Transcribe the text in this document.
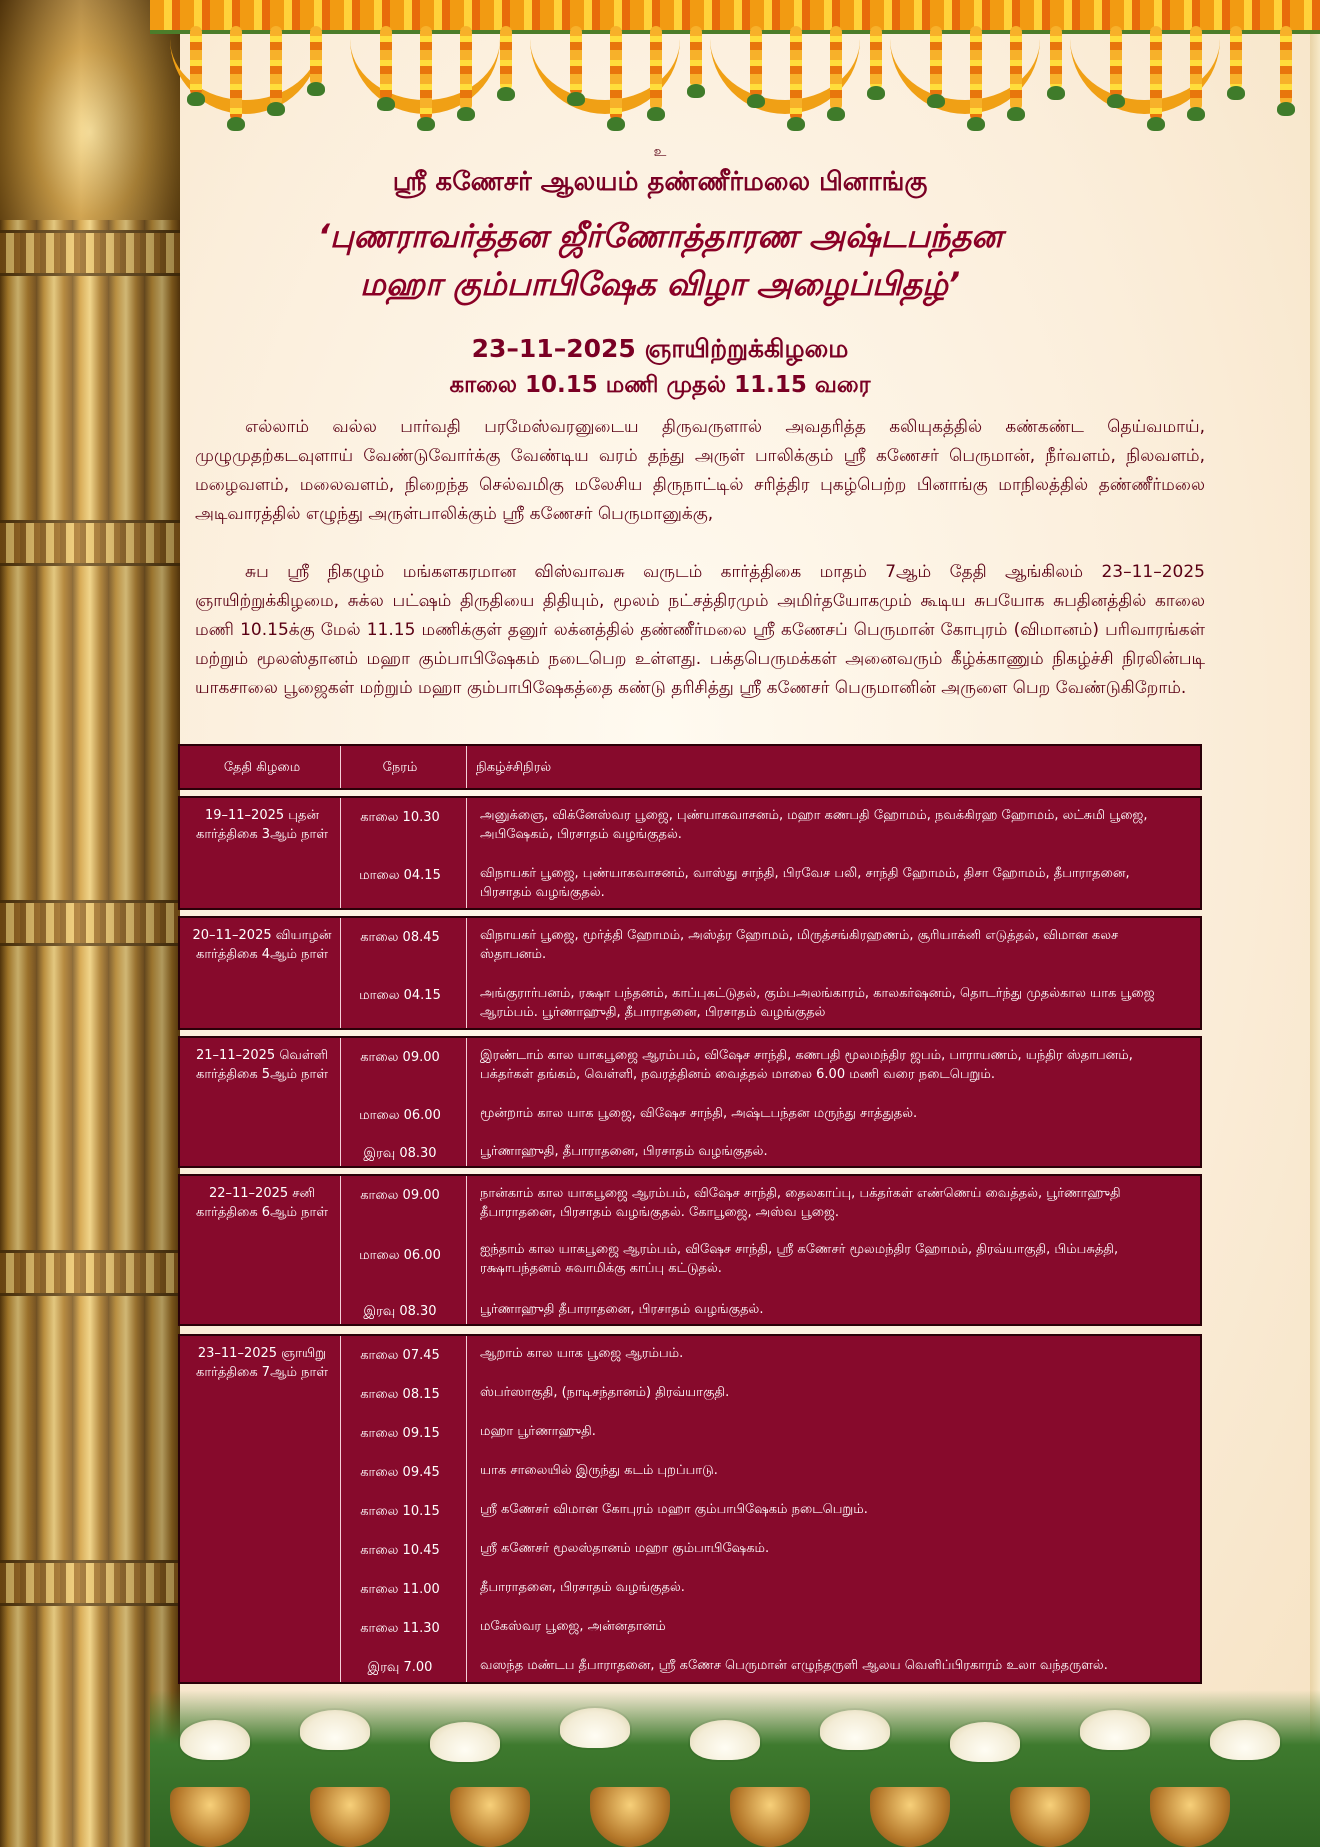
உ
ஸ்ரீ கணேசர் ஆலயம் தண்ணீர்மலை பினாங்கு
‘புணராவர்த்தன ஜீர்ணோத்தாரண அஷ்டபந்தன
மஹா கும்பாபிஷேக விழா அழைப்பிதழ்’
23–11–2025 ஞாயிற்றுக்கிழமை
காலை 10.15 மணி முதல் 11.15 வரை

எல்லாம் வல்ல பார்வதி பரமேஸ்வரனுடைய திருவருளால் அவதரித்த கலியுகத்தில் கண்கண்ட தெய்வமாய், முழுமுதற்கடவுளாய் வேண்டுவோர்க்கு வேண்டிய வரம் தந்து அருள் பாலிக்கும் ஸ்ரீ கணேசர் பெருமான், நீர்வளம், நிலவளம், மழைவளம், மலைவளம், நிறைந்த செல்வமிகு மலேசிய திருநாட்டில் சரித்திர புகழ்பெற்ற பினாங்கு மாநிலத்தில் தண்ணீர்மலை அடிவாரத்தில் எழுந்து அருள்பாலிக்கும் ஸ்ரீ கணேசர் பெருமானுக்கு,

சுப ஸ்ரீ நிகழும் மங்களகரமான விஸ்வாவசு வருடம் கார்த்திகை மாதம் 7ஆம் தேதி ஆங்கிலம் 23–11–2025 ஞாயிற்றுக்கிழமை, சுக்ல பட்ஷம் திருதியை திதியும், மூலம் நட்சத்திரமும் அமிர்தயோகமும் கூடிய சுபயோக சுபதினத்தில் காலை மணி 10.15க்கு மேல் 11.15 மணிக்குள் தனுர் லக்னத்தில் தண்ணீர்மலை ஸ்ரீ கணேசப் பெருமான் கோபுரம் (விமானம்) பரிவாரங்கள் மற்றும் மூலஸ்தானம் மஹா கும்பாபிஷேகம் நடைபெற உள்ளது. பக்தபெருமக்கள் அனைவரும் கீழ்க்காணும் நிகழ்ச்சி நிரலின்படி யாகசாலை பூஜைகள் மற்றும் மஹா கும்பாபிஷேகத்தை கண்டு தரிசித்து ஸ்ரீ கணேசர் பெருமானின் அருளை பெற வேண்டுகிறோம்.

தேதி கிழமை	நேரம்	நிகழ்ச்சிநிரல்
19–11–2025 புதன் கார்த்திகை 3ஆம் நாள்
காலை 10.30	அனுக்ஞை, விக்னேஸ்வர பூஜை, புண்யாகவாசனம், மஹா கணபதி ஹோமம், நவக்கிரஹ ஹோமம், லட்சுமி பூஜை, அபிஷேகம், பிரசாதம் வழங்குதல்.
மாலை 04.15	விநாயகர் பூஜை, புண்யாகவாசனம், வாஸ்து சாந்தி, பிரவேச பலி, சாந்தி ஹோமம், திசா ஹோமம், தீபாராதனை, பிரசாதம் வழங்குதல்.
20–11–2025 வியாழன் கார்த்திகை 4ஆம் நாள்
காலை 08.45	விநாயகர் பூஜை, மூர்த்தி ஹோமம், அஸ்த்ர ஹோமம், மிருத்சங்கிரஹணம், சூரியாக்னி எடுத்தல், விமான கலச ஸ்தாபனம்.
மாலை 04.15	அங்குரார்பனம், ரக்ஷா பந்தனம், காப்புகட்டுதல், கும்பஅலங்காரம், காலகர்ஷனம், தொடர்ந்து முதல்கால யாக பூஜை ஆரம்பம். பூர்ணாஹுதி, தீபாராதனை, பிரசாதம் வழங்குதல்
21–11–2025 வெள்ளி கார்த்திகை 5ஆம் நாள்
காலை 09.00	இரண்டாம் கால யாகபூஜை ஆரம்பம், விஷேச சாந்தி, கணபதி மூலமந்திர ஜபம், பாராயணம், யந்திர ஸ்தாபனம், பக்தர்கள் தங்கம், வெள்ளி, நவரத்தினம் வைத்தல் மாலை 6.00 மணி வரை நடைபெறும்.
மாலை 06.00	மூன்றாம் கால யாக பூஜை, விஷேச சாந்தி, அஷ்டபந்தன மருந்து சாத்துதல்.
இரவு 08.30	பூர்ணாஹுதி, தீபாராதனை, பிரசாதம் வழங்குதல்.
22–11–2025 சனி கார்த்திகை 6ஆம் நாள்
காலை 09.00	நான்காம் கால யாகபூஜை ஆரம்பம், விஷேச சாந்தி, தைலகாப்பு, பக்தர்கள் எண்ணெய் வைத்தல், பூர்ணாஹுதி தீபாராதனை, பிரசாதம் வழங்குதல். கோபூஜை, அஸ்வ பூஜை.
மாலை 06.00	ஐந்தாம் கால யாகபூஜை ஆரம்பம், விஷேச சாந்தி, ஸ்ரீ கணேசர் மூலமந்திர ஹோமம், திரவ்யாகுதி, பிம்பசுத்தி, ரக்ஷாபந்தனம் சுவாமிக்கு காப்பு கட்டுதல்.
இரவு 08.30	பூர்ணாஹுதி தீபாராதனை, பிரசாதம் வழங்குதல்.
23–11–2025 ஞாயிறு கார்த்திகை 7ஆம் நாள்
காலை 07.45	ஆறாம் கால யாக பூஜை ஆரம்பம்.
காலை 08.15	ஸ்பர்ஸாகுதி, (நாடிசந்தானம்) திரவ்யாகுதி.
காலை 09.15	மஹா பூர்ணாஹுதி.
காலை 09.45	யாக சாலையில் இருந்து கடம் புறப்பாடு.
காலை 10.15	ஸ்ரீ கணேசர் விமான கோபுரம் மஹா கும்பாபிஷேகம் நடைபெறும்.
காலை 10.45	ஸ்ரீ கணேசர் மூலஸ்தானம் மஹா கும்பாபிஷேகம்.
காலை 11.00	தீபாராதனை, பிரசாதம் வழங்குதல்.
காலை 11.30	மகேஸ்வர பூஜை, அன்னதானம்
இரவு 7.00	வஸந்த மண்டப தீபாராதனை, ஸ்ரீ கணேச பெருமான் எழுந்தருளி ஆலய வெளிப்பிரகாரம் உலா வந்தருளல்.
